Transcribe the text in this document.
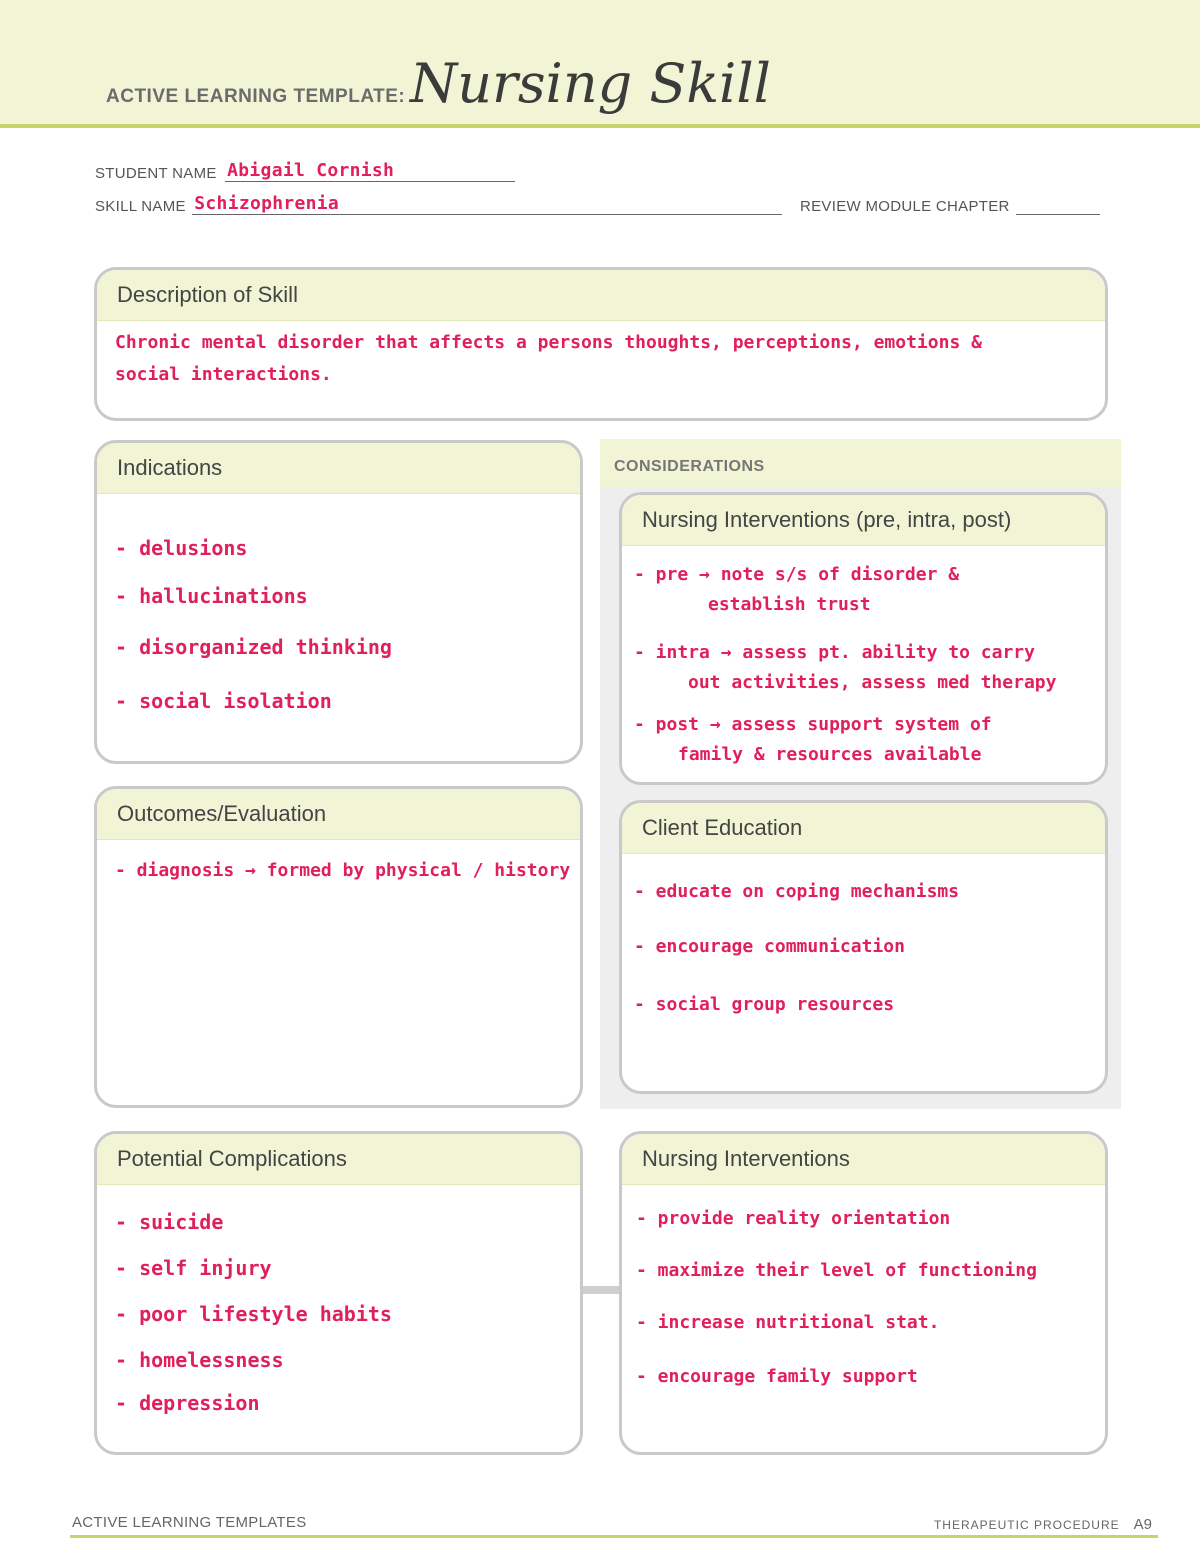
ACTIVE LEARNING TEMPLATE: Nursing Skill
STUDENT NAME Abigail Cornish
SKILL NAME Schizophrenia	REVIEW MODULE CHAPTER
Description of Skill

Chronic mental disorder that affects a persons thoughts, perceptions, emotions &

social interactions.

Indications

- delusions

- hallucinations

- disorganized thinking

- social isolation

Outcomes/Evaluation

- diagnosis → formed by physical / history

CONSIDERATIONS
Nursing Interventions (pre, intra, post)

- pre → note s/s of disorder &

establish trust

- intra → assess pt. ability to carry

out activities, assess med therapy

- post → assess support system of

family & resources available

Client Education

- educate on coping mechanisms

- encourage communication

- social group resources

Potential Complications

- suicide

- self injury

- poor lifestyle habits

- homelessness

- depression

Nursing Interventions

- provide reality orientation

- maximize their level of functioning

- increase nutritional stat.

- encourage family support

ACTIVE LEARNING TEMPLATES	THERAPEUTIC PROCEDURE A9
